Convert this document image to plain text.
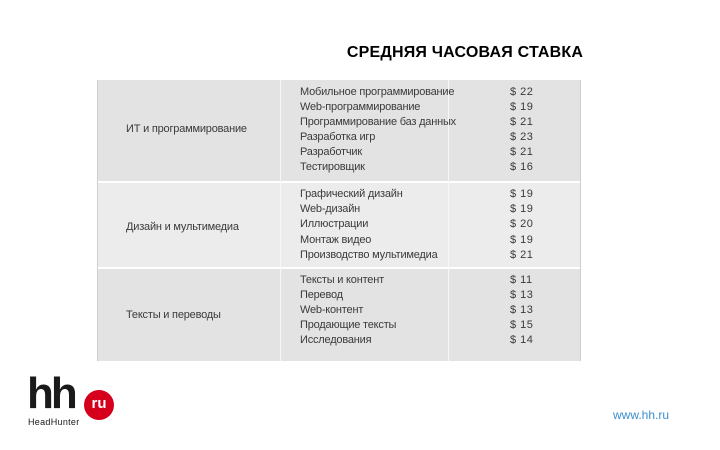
СРЕДНЯЯ ЧАСОВАЯ СТАВКА
ИТ и программирование
Мобильное программирование
Web-программирование
Программирование баз данных
Разработка игр
Разработчик
Тестировщик
$ 22
$ 19
$ 21
$ 23
$ 21
$ 16
Дизайн и мультимедиа
Графический дизайн
Web-дизайн
Иллюстрации
Монтаж видео
Производство мультимедиа
$ 19
$ 19
$ 20
$ 19
$ 21
Тексты и переводы
Тексты и контент
Перевод
Web-контент
Продающие тексты
Исследования
$ 11
$ 13
$ 13
$ 15
$ 14
hh	ru
HeadHunter	www.hh.ru
